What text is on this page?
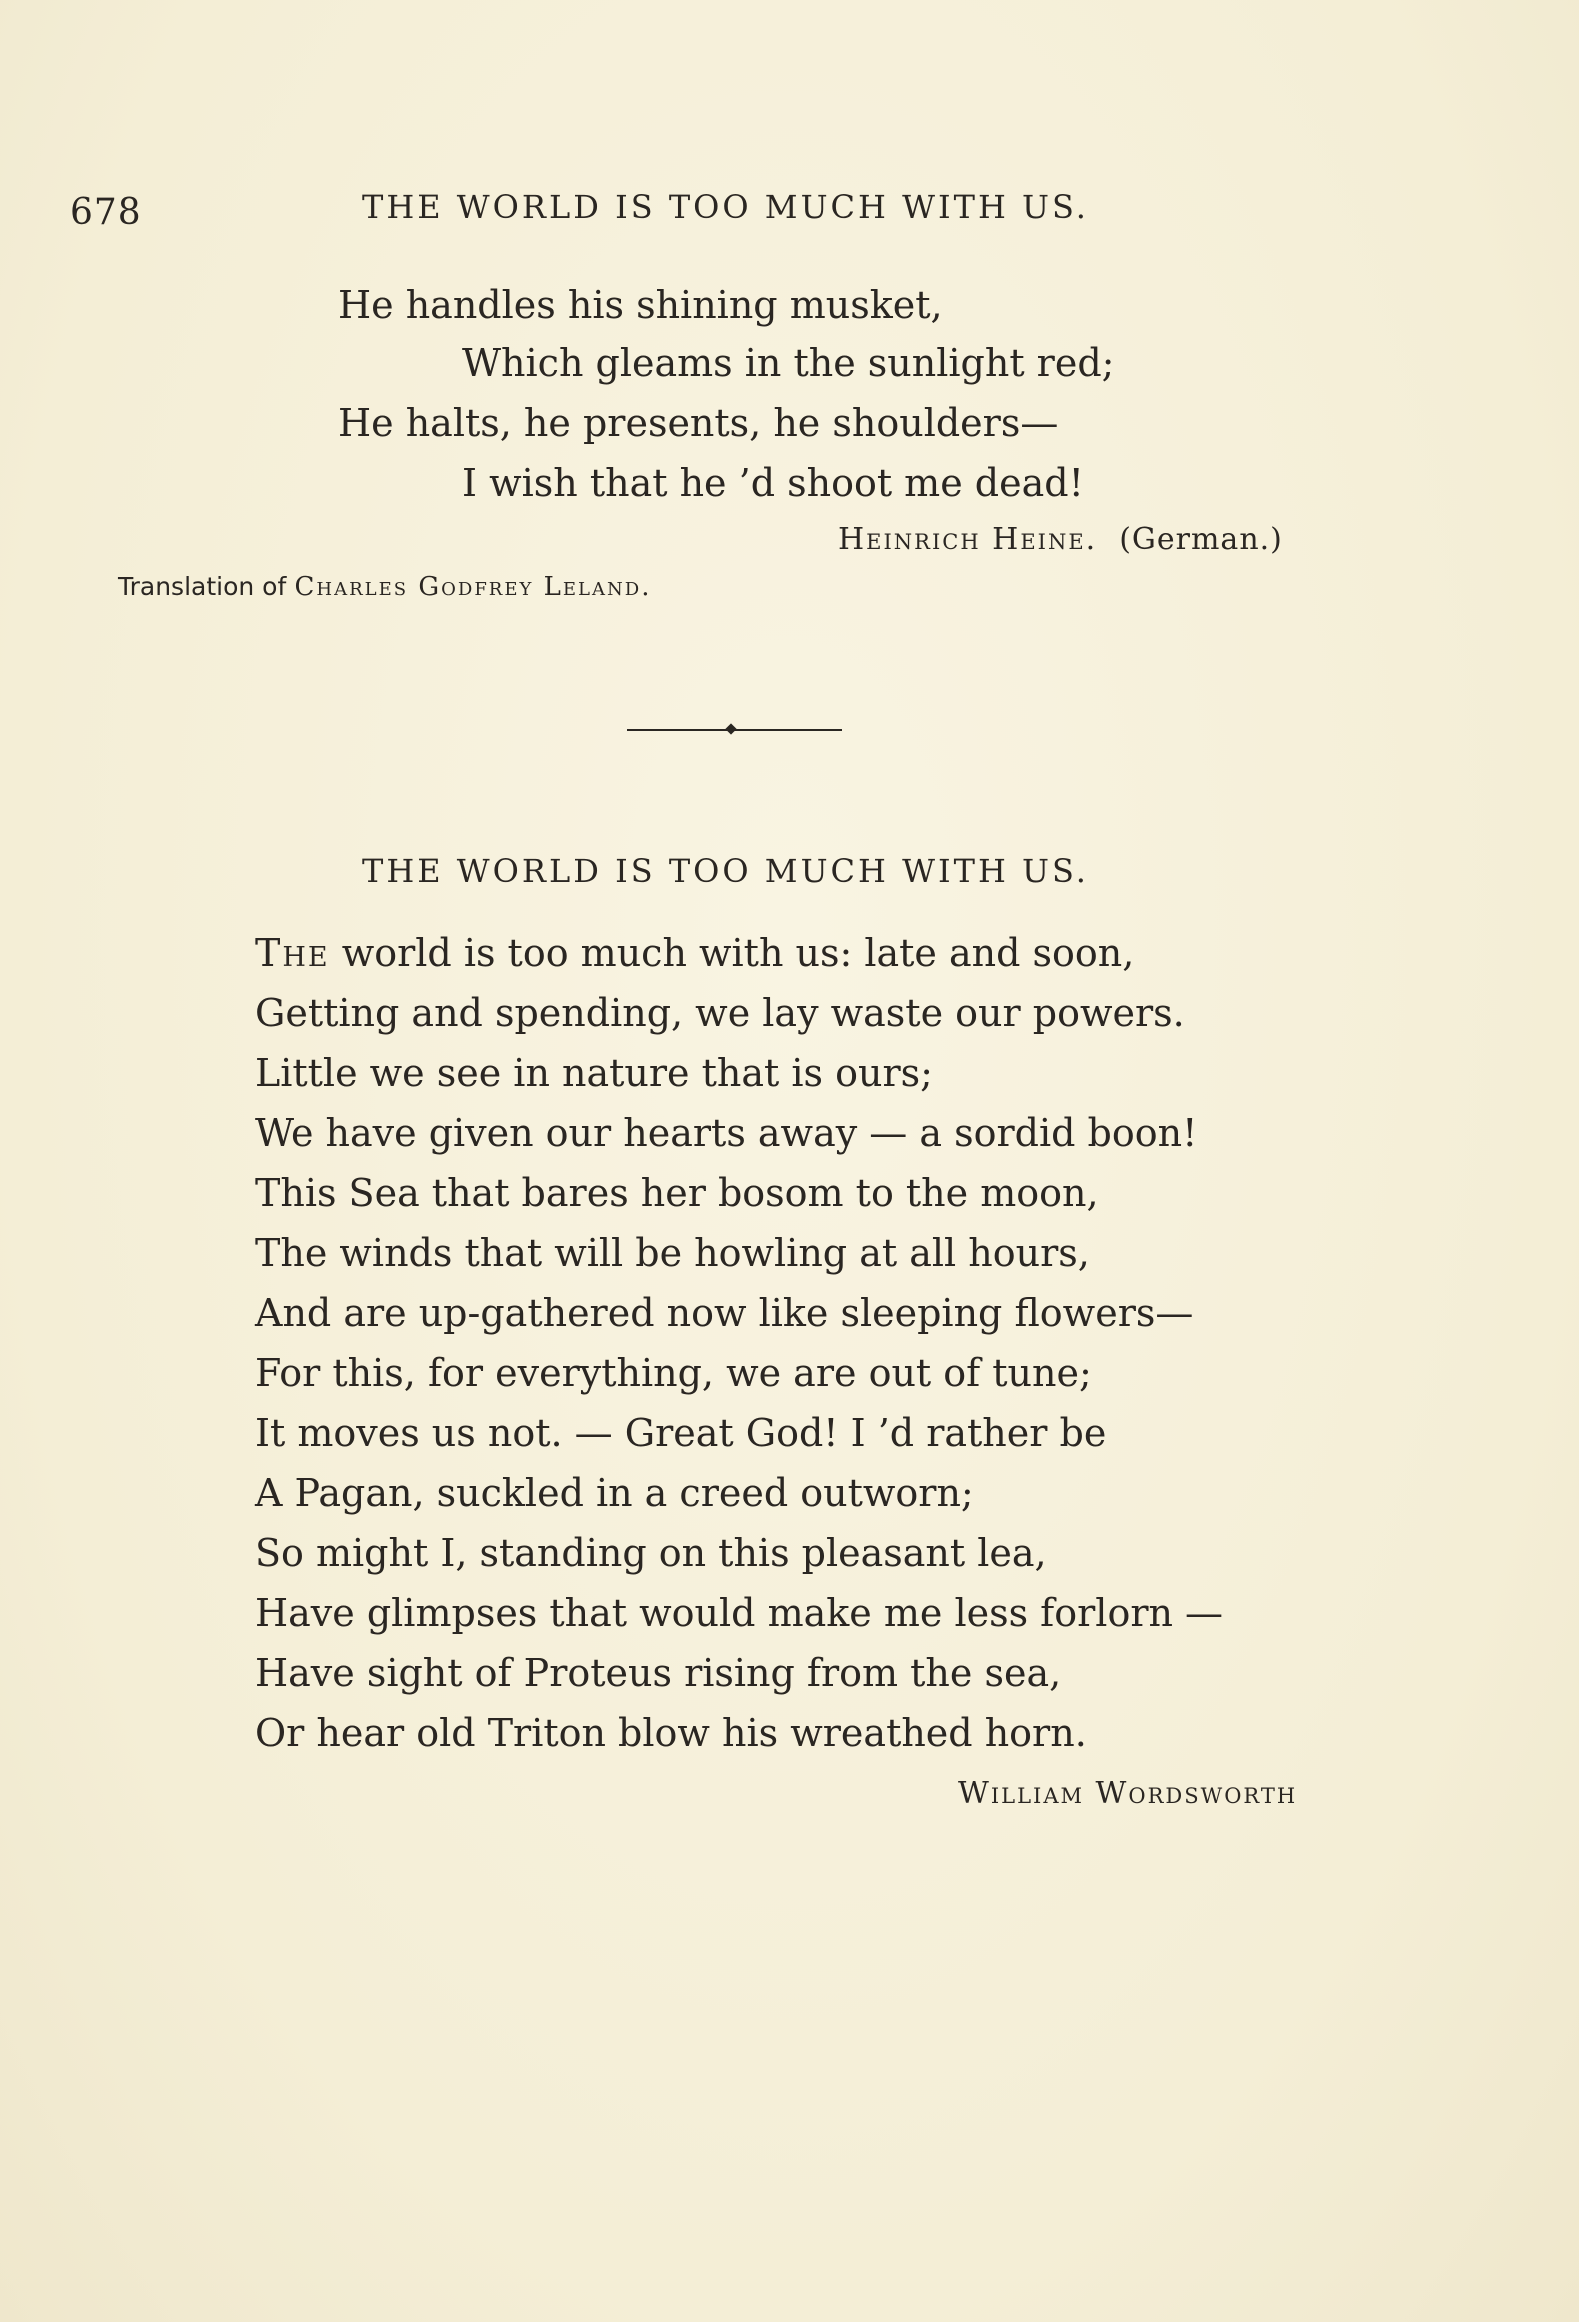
678	THE WORLD IS TOO MUCH WITH US.
He handles his shining musket,
Which gleams in the sunlight red;
He halts, he presents, he shoulders—
I wish that he ’d shoot me dead!
Heinrich Heine. (German.)
Translation of Charles Godfrey Leland.
THE WORLD IS TOO MUCH WITH US.
The world is too much with us: late and soon,
Getting and spending, we lay waste our powers.
Little we see in nature that is ours;
We have given our hearts away — a sordid boon!
This Sea that bares her bosom to the moon,
The winds that will be howling at all hours,
And are up-gathered now like sleeping flowers—
For this, for everything, we are out of tune;
It moves us not. — Great God! I ’d rather be
A Pagan, suckled in a creed outworn;
So might I, standing on this pleasant lea,
Have glimpses that would make me less forlorn —
Have sight of Proteus rising from the sea,
Or hear old Triton blow his wreathed horn.
William Wordsworth
